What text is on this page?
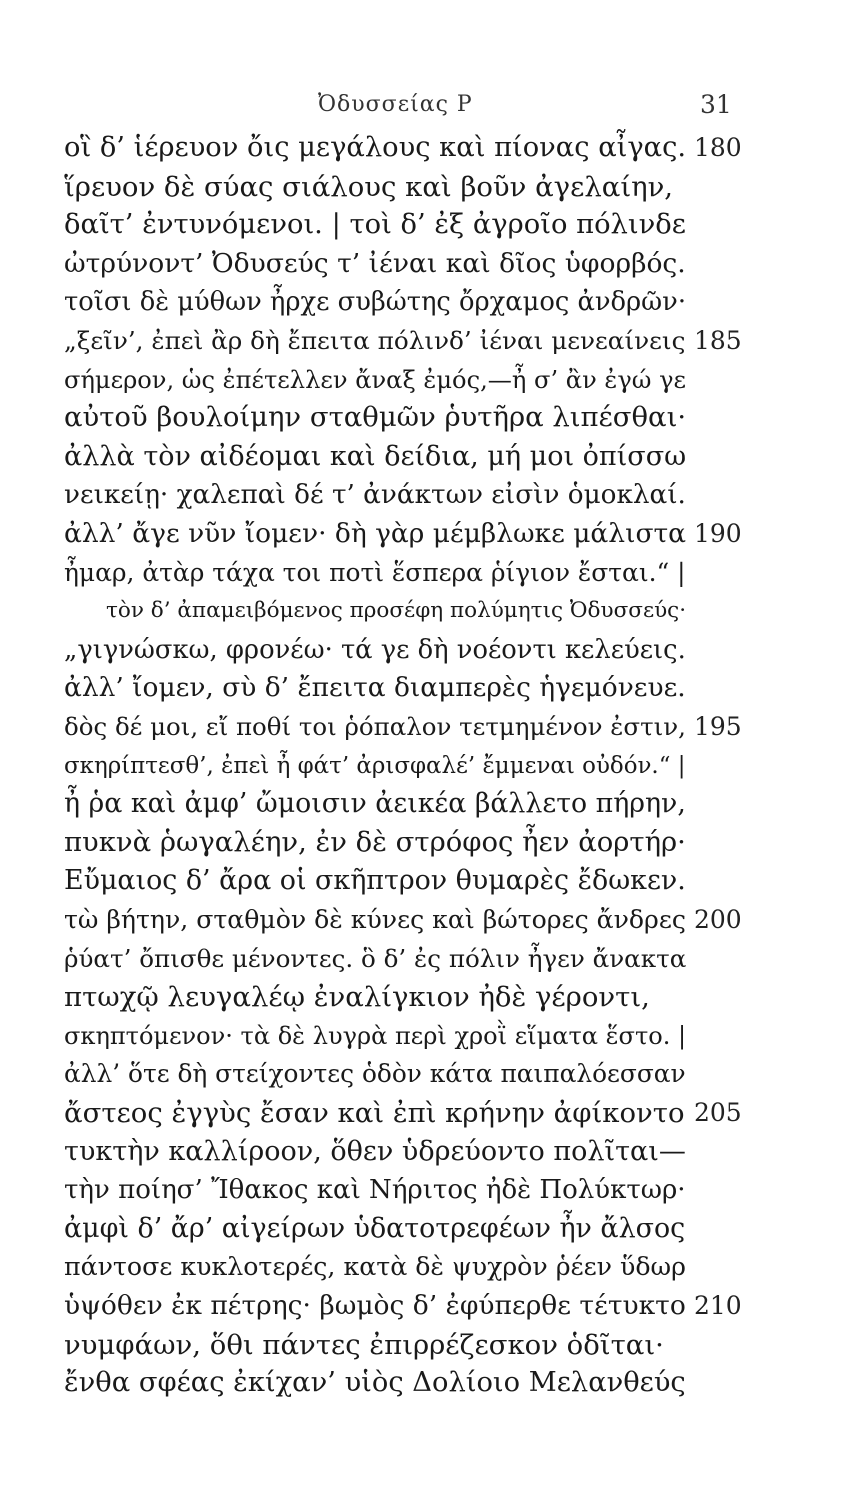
Ὀδυσσείας Ρ	31
οἳ δ’ ἱέρευον ὄις μεγάλους καὶ πίονας αἶγας. 180
ἵρευον δὲ σύας σιάλους καὶ βοῦν ἀγελαίην,
δαῖτ’ ἐντυνόμενοι. | τοὶ δ’ ἐξ ἀγροῖο πόλινδε
ὠτρύνοντ’ Ὀδυσεύς τ’ ἰέναι καὶ δῖος ὑφορβός.
τοῖσι δὲ μύθων ἦρχε συβώτης ὄρχαμος ἀνδρῶν·
„ξεῖν’, ἐπεὶ ἂρ δὴ ἔπειτα πόλινδ’ ἰέναι μενεαίνεις 185
σήμερον, ὡς ἐπέτελλεν ἄναξ ἐμός,—ἦ σ’ ἂν ἐγώ γε
αὐτοῦ βουλοίμην σταθμῶν ῥυτῆρα λιπέσθαι·
ἀλλὰ τὸν αἰδέομαι καὶ δείδια, μή μοι ὀπίσσω
νεικείῃ· χαλεπαὶ δέ τ’ ἀνάκτων εἰσὶν ὁμοκλαί.
ἀλλ’ ἄγε νῦν ἴομεν· δὴ γὰρ μέμβλωκε μάλιστα 190
ἦμαρ, ἀτὰρ τάχα τοι ποτὶ ἕσπερα ῥίγιον ἔσται.“ |
τὸν δ’ ἀπαμειβόμενος προσέφη πολύμητις Ὀδυσσεύς·
„γιγνώσκω, φρονέω· τά γε δὴ νοέοντι κελεύεις.
ἀλλ’ ἴομεν, σὺ δ’ ἔπειτα διαμπερὲς ἡγεμόνευε.
δὸς δέ μοι, εἴ ποθί τοι ῥόπαλον τετμημένον ἐστιν, 195
σκηρίπτεσθ’, ἐπεὶ ἦ φάτ’ ἀρισφαλέ’ ἔμμεναι οὐδόν.“ |
ἦ ῥα καὶ ἀμφ’ ὤμοισιν ἀεικέα βάλλετο πήρην,
πυκνὰ ῥωγαλέην, ἐν δὲ στρόφος ἦεν ἀορτήρ·
Εὔμαιος δ’ ἄρα οἱ σκῆπτρον θυμαρὲς ἔδωκεν.
τὼ βήτην, σταθμὸν δὲ κύνες καὶ βώτορες ἄνδρες 200
ῥύατ’ ὄπισθε μένοντες. ὃ δ’ ἐς πόλιν ἦγεν ἄνακτα
πτωχῷ λευγαλέῳ ἐναλίγκιον ἠδὲ γέροντι,
σκηπτόμενον· τὰ δὲ λυγρὰ περὶ χροῒ εἵματα ἕστο. |
ἀλλ’ ὅτε δὴ στείχοντες ὁδὸν κάτα παιπαλόεσσαν
ἄστεος ἐγγὺς ἔσαν καὶ ἐπὶ κρήνην ἀφίκοντο 205
τυκτὴν καλλίροον, ὅθεν ὑδρεύοντο πολῖται—
τὴν ποίησ’ Ἴθακος καὶ Νήριτος ἠδὲ Πολύκτωρ·
ἀμφὶ δ’ ἄρ’ αἰγείρων ὑδατοτρεφέων ἦν ἄλσος
πάντοσε κυκλοτερές, κατὰ δὲ ψυχρὸν ῥέεν ὕδωρ
ὑψόθεν ἐκ πέτρης· βωμὸς δ’ ἐφύπερθε τέτυκτο 210
νυμφάων, ὅθι πάντες ἐπιρρέζεσκον ὁδῖται·
ἔνθα σφέας ἐκίχαν’ υἱὸς Δολίοιο Μελανθεύς
